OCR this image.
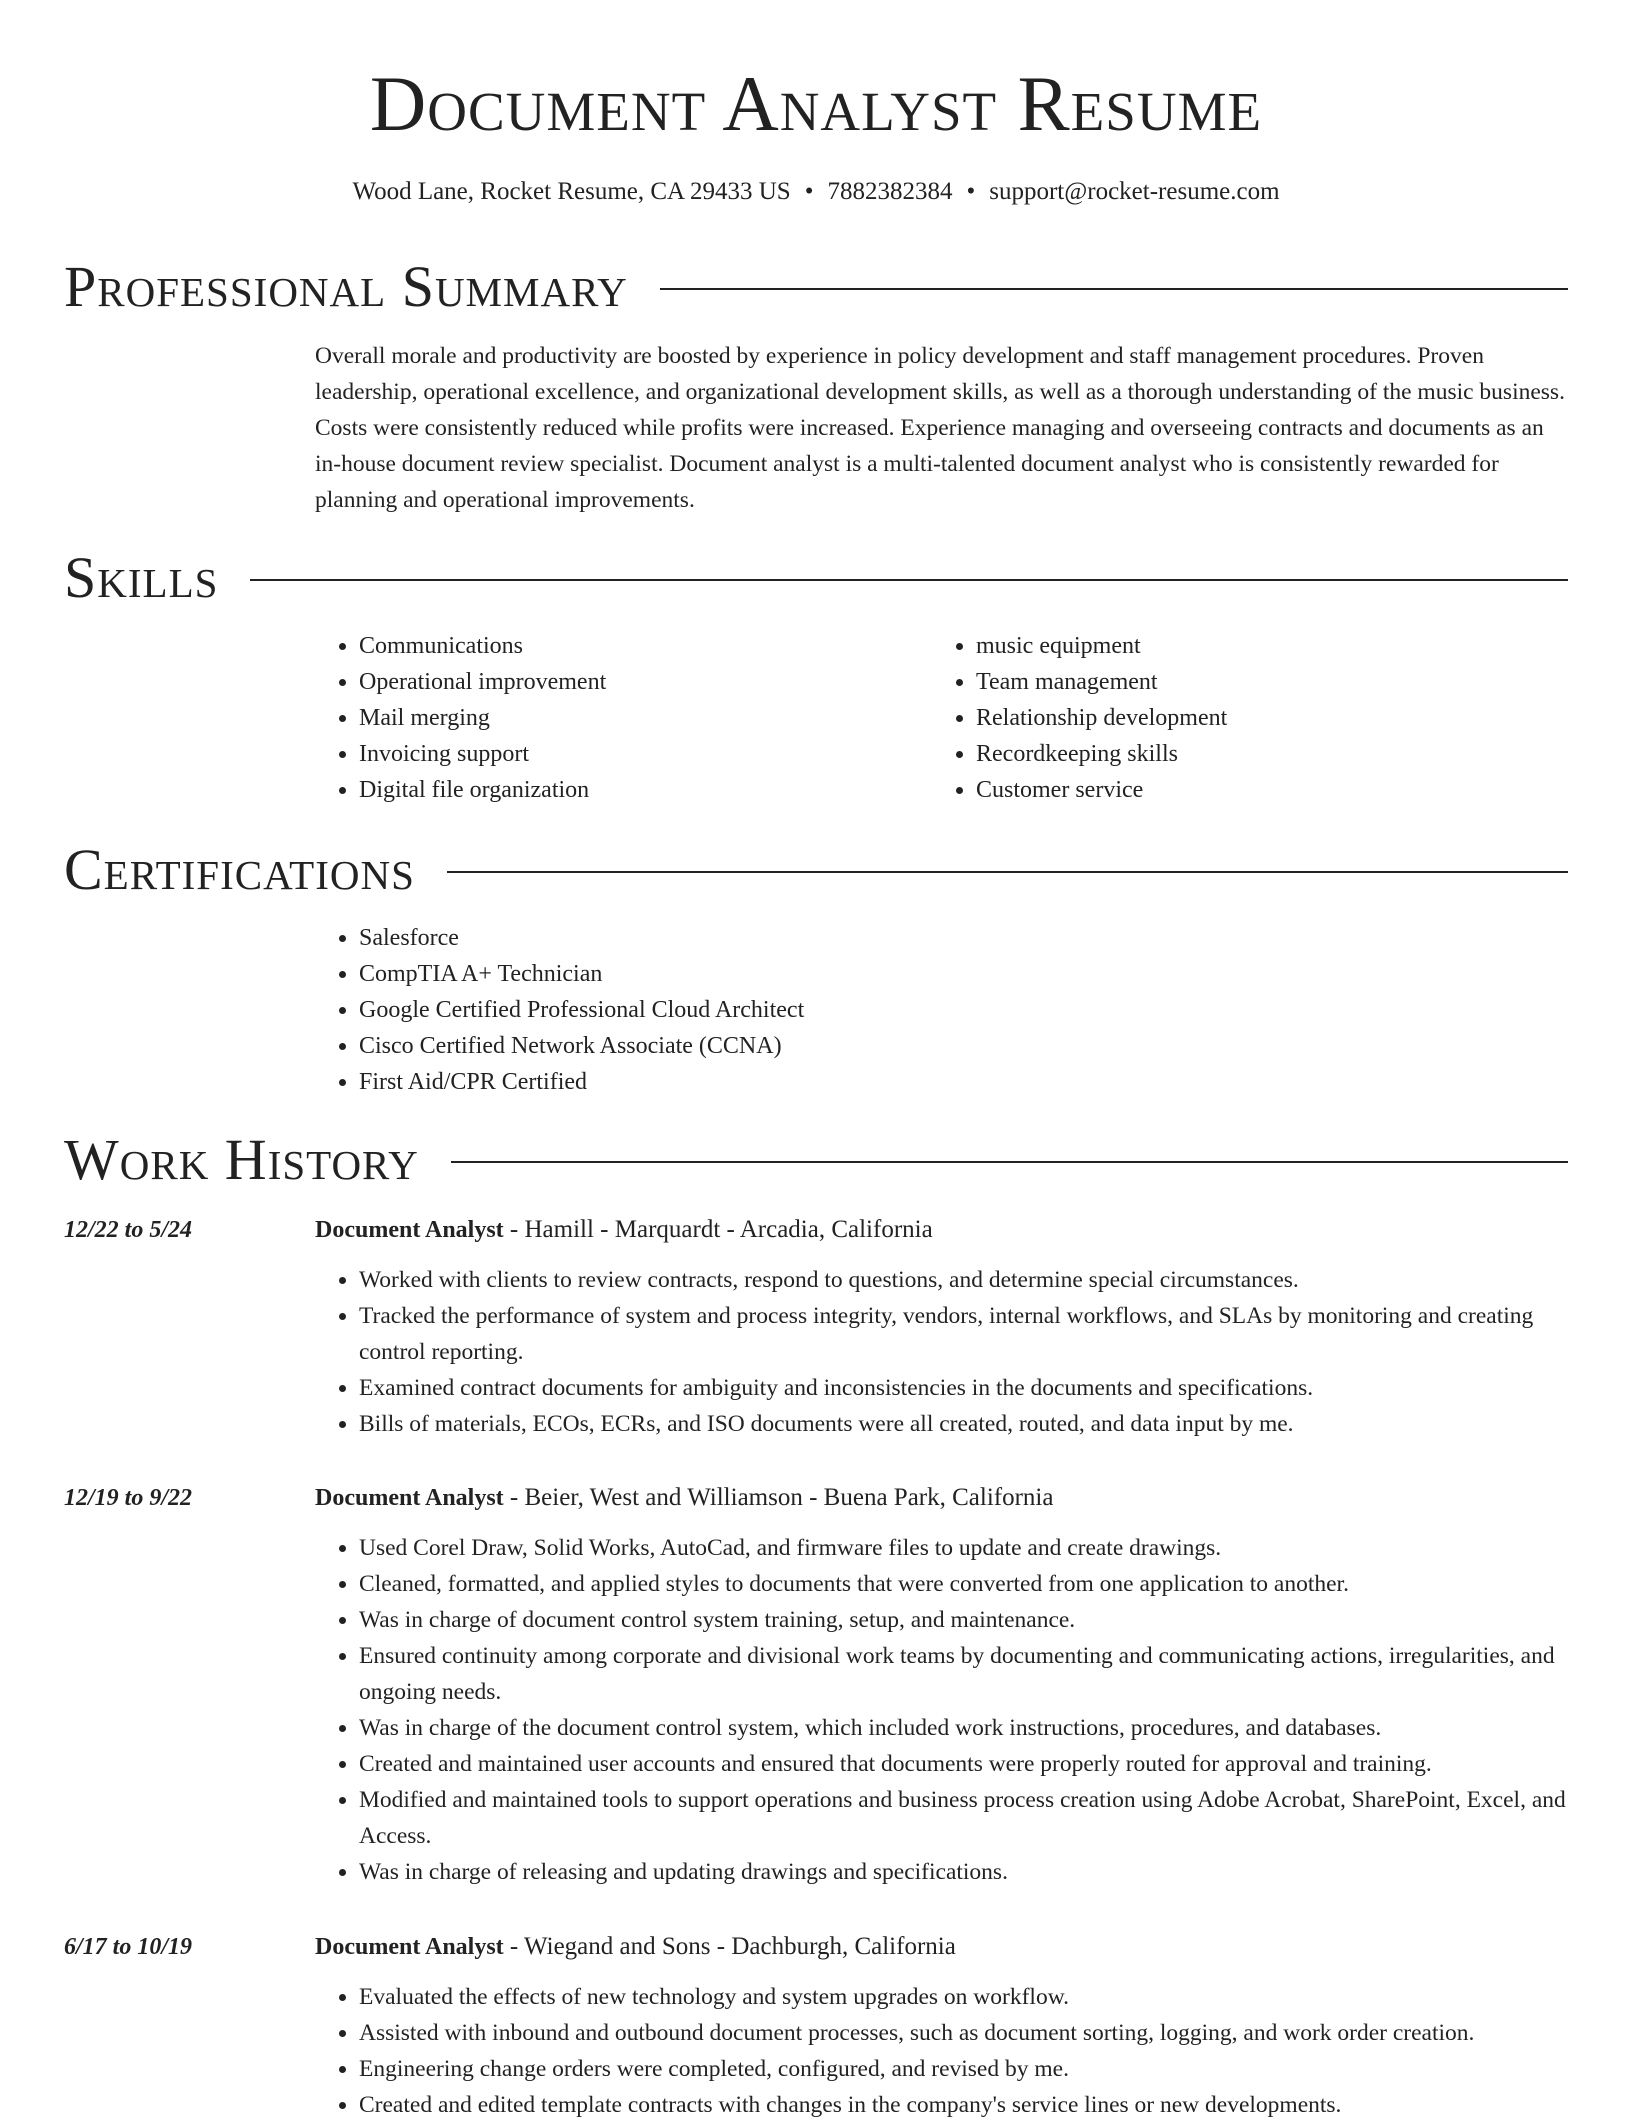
Document Analyst Resume
Wood Lane, Rocket Resume, CA 29433 US • 7882382384 • support@rocket-resume.com
Professional Summary

Overall morale and productivity are boosted by experience in policy development and staff management procedures. Proven leadership, operational excellence, and organizational development skills, as well as a thorough understanding of the music business. Costs were consistently reduced while profits were increased. Experience managing and overseeing contracts and documents as an in-house document review specialist. Document analyst is a multi-talented document analyst who is consistently rewarded for planning and operational improvements.

Skills
• Communications
• Operational improvement
• Mail merging
• Invoicing support
• Digital file organization
• music equipment
• Team management
• Relationship development
• Recordkeeping skills
• Customer service
Certifications
• Salesforce
• CompTIA A+ Technician
• Google Certified Professional Cloud Architect
• Cisco Certified Network Associate (CCNA)
• First Aid/CPR Certified
Work History
12/22 to 5/24	Document Analyst - Hamill - Marquardt - Arcadia, California
• Worked with clients to review contracts, respond to questions, and determine special circumstances.
• Tracked the performance of system and process integrity, vendors, internal workflows, and SLAs by monitoring and creating control reporting.
• Examined contract documents for ambiguity and inconsistencies in the documents and specifications.
• Bills of materials, ECOs, ECRs, and ISO documents were all created, routed, and data input by me.
12/19 to 9/22	Document Analyst - Beier, West and Williamson - Buena Park, California
• Used Corel Draw, Solid Works, AutoCad, and firmware files to update and create drawings.
• Cleaned, formatted, and applied styles to documents that were converted from one application to another.
• Was in charge of document control system training, setup, and maintenance.
• Ensured continuity among corporate and divisional work teams by documenting and communicating actions, irregularities, and ongoing needs.
• Was in charge of the document control system, which included work instructions, procedures, and databases.
• Created and maintained user accounts and ensured that documents were properly routed for approval and training.
• Modified and maintained tools to support operations and business process creation using Adobe Acrobat, SharePoint, Excel, and Access.
• Was in charge of releasing and updating drawings and specifications.
6/17 to 10/19	Document Analyst - Wiegand and Sons - Dachburgh, California
• Evaluated the effects of new technology and system upgrades on workflow.
• Assisted with inbound and outbound document processes, such as document sorting, logging, and work order creation.
• Engineering change orders were completed, configured, and revised by me.
• Created and edited template contracts with changes in the company's service lines or new developments.
